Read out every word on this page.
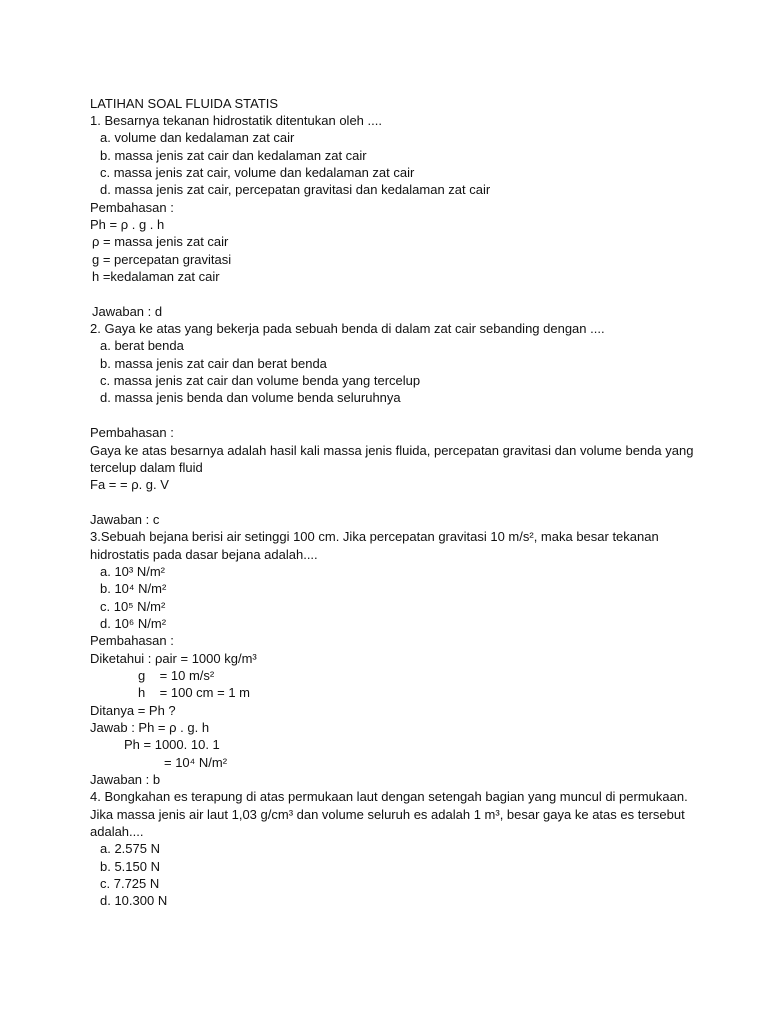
LATIHAN SOAL FLUIDA STATIS
1. Besarnya tekanan hidrostatik ditentukan oleh ....
a. volume dan kedalaman zat cair
b. massa jenis zat cair dan kedalaman zat cair
c. massa jenis zat cair, volume dan kedalaman zat cair
d. massa jenis zat cair, percepatan gravitasi dan kedalaman zat cair
Pembahasan :
Ph = ρ . g . h
ρ = massa jenis zat cair
g = percepatan gravitasi
h =kedalaman zat cair
Jawaban : d
2. Gaya ke atas yang bekerja pada sebuah benda di dalam zat cair sebanding dengan ....
a. berat benda
b. massa jenis zat cair dan berat benda
c. massa jenis zat cair dan volume benda yang tercelup
d. massa jenis benda dan volume benda seluruhnya
Pembahasan :
Gaya ke atas besarnya adalah hasil kali massa jenis fluida, percepatan gravitasi dan volume benda yang
tercelup dalam fluid
Fa = = ρ. g. V
Jawaban : c
3.Sebuah bejana berisi air setinggi 100 cm. Jika percepatan gravitasi 10 m/s², maka besar tekanan
hidrostatis pada dasar bejana adalah....
a. 10³ N/m²
b. 10⁴ N/m²
c. 10⁵ N/m²
d. 10⁶ N/m²
Pembahasan :
Diketahui : ρair = 1000 kg/m³
g    = 10 m/s²
h    = 100 cm = 1 m
Ditanya = Ph ?
Jawab : Ph = ρ . g. h
Ph = 1000. 10. 1
= 10⁴ N/m²
Jawaban : b
4. Bongkahan es terapung di atas permukaan laut dengan setengah bagian yang muncul di permukaan.
Jika massa jenis air laut 1,03 g/cm³ dan volume seluruh es adalah 1 m³, besar gaya ke atas es tersebut
adalah....
a. 2.575 N
b. 5.150 N
c. 7.725 N
d. 10.300 N
